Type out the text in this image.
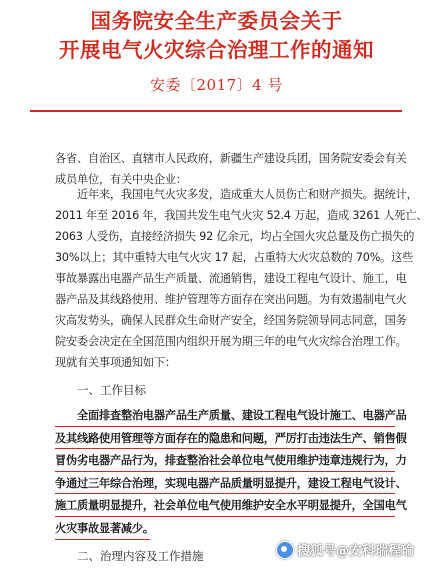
国务院安全生产委员会关于
开展电气火灾综合治理工作的通知
安委〔2017〕4 号
各省、自治区、直辖市人民政府，新疆生产建设兵团，国务院安委会有关
成员单位，有关中央企业：
近年来，我国电气火灾多发，造成重大人员伤亡和财产损失。据统计，
2011 年至 2016 年，我国共发生电气火灾 52.4 万起，造成 3261 人死亡、
2063 人受伤，直接经济损失 92 亿余元，均占全国火灾总量及伤亡损失的
30%以上；其中重特大电气火灾 17 起，占重特大火灾总数的 70%。这些
事故暴露出电器产品生产质量、流通销售，建设工程电气设计、施工，电
器产品及其线路使用、维护管理等方面存在突出问题。为有效遏制电气火
灾高发势头，确保人民群众生命财产安全，经国务院领导同志同意，国务
院安委会决定在全国范围内组织开展为期三年的电气火灾综合治理工作。
现就有关事项通知如下：
一、工作目标
全面排查整治电器产品生产质量、建设工程电气设计施工、电器产品
及其线路使用管理等方面存在的隐患和问题，严厉打击违法生产、销售假
冒伪劣电器产品行为，排查整治社会单位电气使用维护违章违规行为，力
争通过三年综合治理，实现电器产品质量明显提升，建设工程电气设计、
施工质量明显提升，社会单位电气使用维护安全水平明显提升，全国电气
火灾事故显著减少。
二、治理内容及工作措施	搜狐号@安科瑞程瑜
